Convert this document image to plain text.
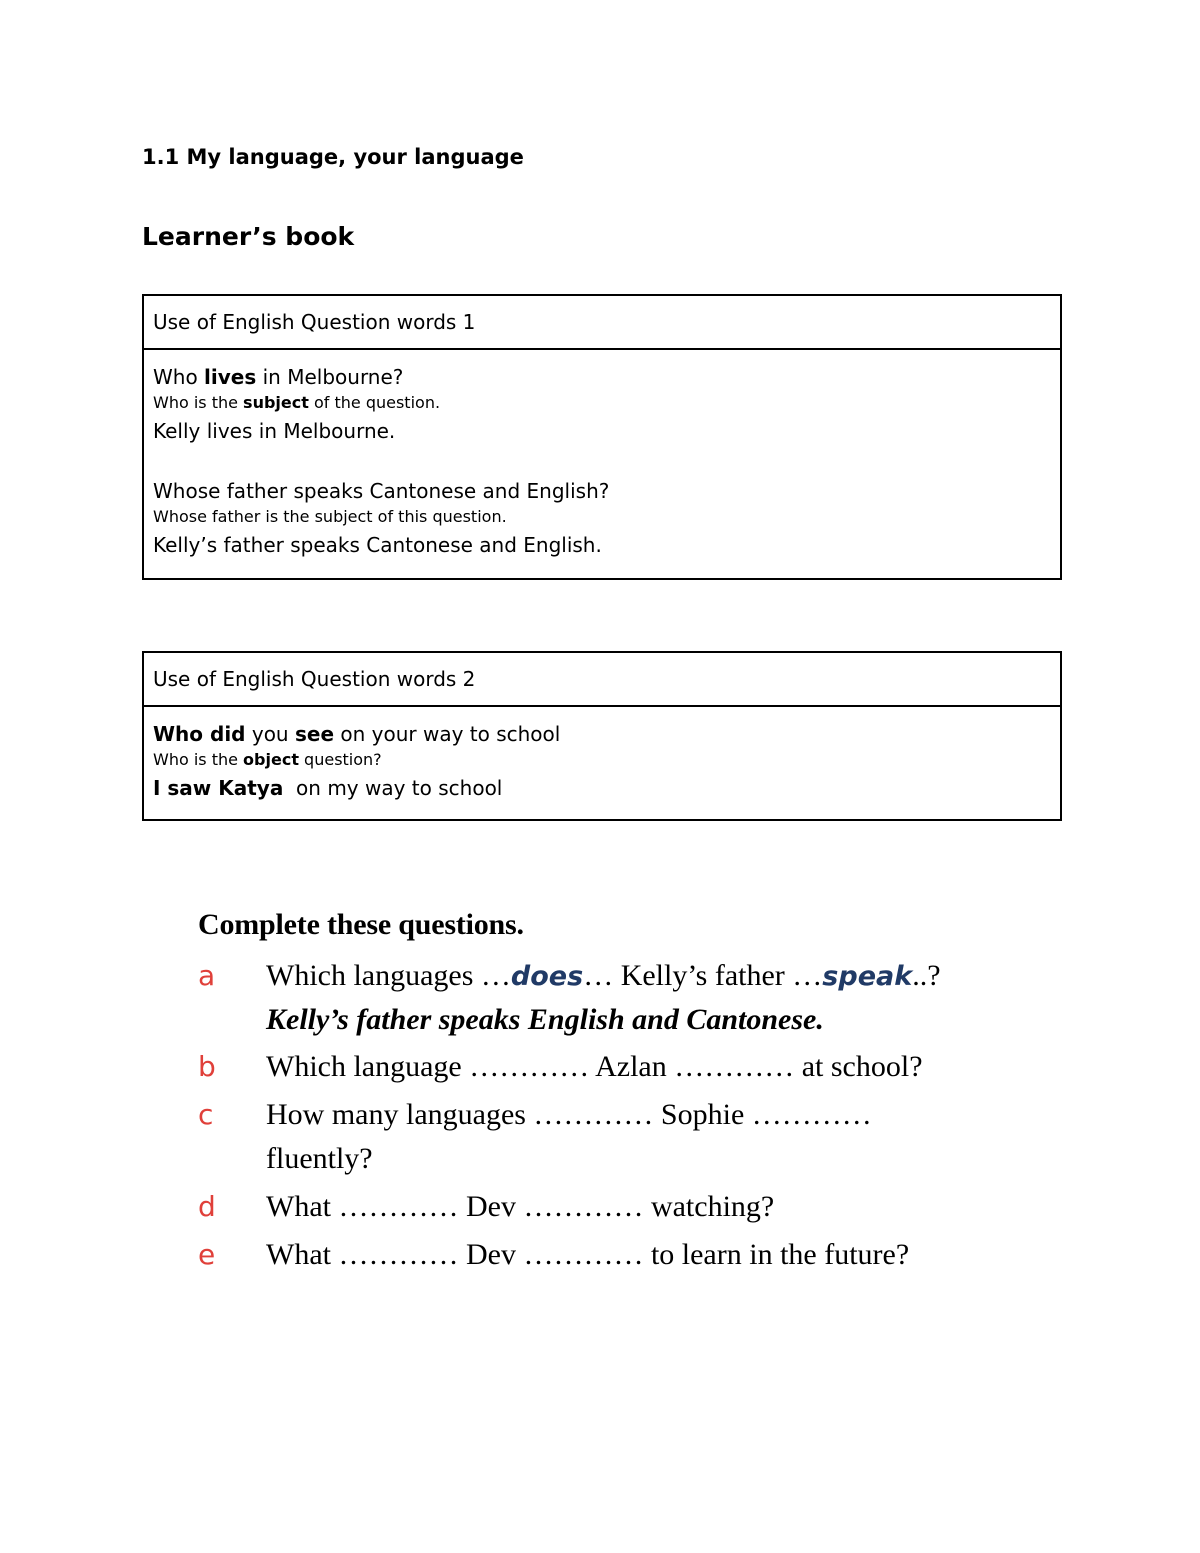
1.1 My language, your language
Learner’s book
Use of English Question words 1
Who lives in Melbourne?
Who is the subject of the question.
Kelly lives in Melbourne.
Whose father speaks Cantonese and English?
Whose father is the subject of this question.
Kelly’s father speaks Cantonese and English.
Use of English Question words 2
Who did you see on your way to school
Who is the object question?
I saw Katya  on my way to school
Complete these questions.
a	Which languages …does… Kelly’s father …speak..?
Kelly’s father speaks English and Cantonese.
b	Which language ………… Azlan ………… at school?
c	How many languages ………… Sophie …………
fluently?
d	What ………… Dev ………… watching?
e	What ………… Dev ………… to learn in the future?
